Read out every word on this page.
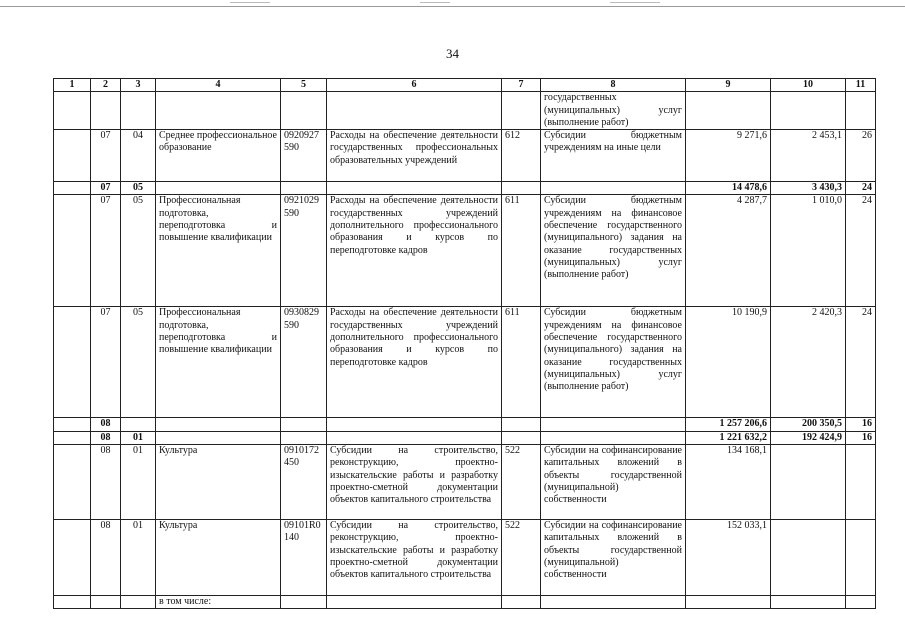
34
1	2	3	4	5	6	7	8	9	10	11
							государственных (муниципальных) услуг (выполнение работ)			
	07	04	Среднее профессиональное образование	0920927590	Расходы на обеспечение деятельности государственных профессиональных образовательных учреждений	612	Субсидии бюджетным учреждениям на иные цели	9 271,6	2 453,1	26
	07	05						14 478,6	3 430,3	24
	07	05	Профессиональная подготовка, переподготовка и повышение квалификации	0921029590	Расходы на обеспечение деятельности государственных учреждений дополнительного профессионального образования и курсов по переподготовке кадров	611	Субсидии бюджетным учреждениям на финансовое обеспечение государственного (муниципального) задания на оказание государственных (муниципальных) услуг (выполнение работ)	4 287,7	1 010,0	24
	07	05	Профессиональная подготовка, переподготовка и повышение квалификации	0930829590	Расходы на обеспечение деятельности государственных учреждений дополнительного профессионального образования и курсов по переподготовке кадров	611	Субсидии бюджетным учреждениям на финансовое обеспечение государственного (муниципального) задания на оказание государственных (муниципальных) услуг (выполнение работ)	10 190,9	2 420,3	24
	08							1 257 206,6	200 350,5	16
	08	01						1 221 632,2	192 424,9	16
	08	01	Культура	0910172450	Субсидии на строительство, реконструкцию, проектно-изыскательские работы и разработку проектно-сметной документации объектов капитального строительства	522	Субсидии на софинансирование капитальных вложений в объекты государственной (муниципальной) собственности	134 168,1		
	08	01	Культура	09101R0140	Субсидии на строительство, реконструкцию, проектно-изыскательские работы и разработку проектно-сметной документации объектов капитального строительства	522	Субсидии на софинансирование капитальных вложений в объекты государственной (муниципальной) собственности	152 033,1		
			в том числе:							
